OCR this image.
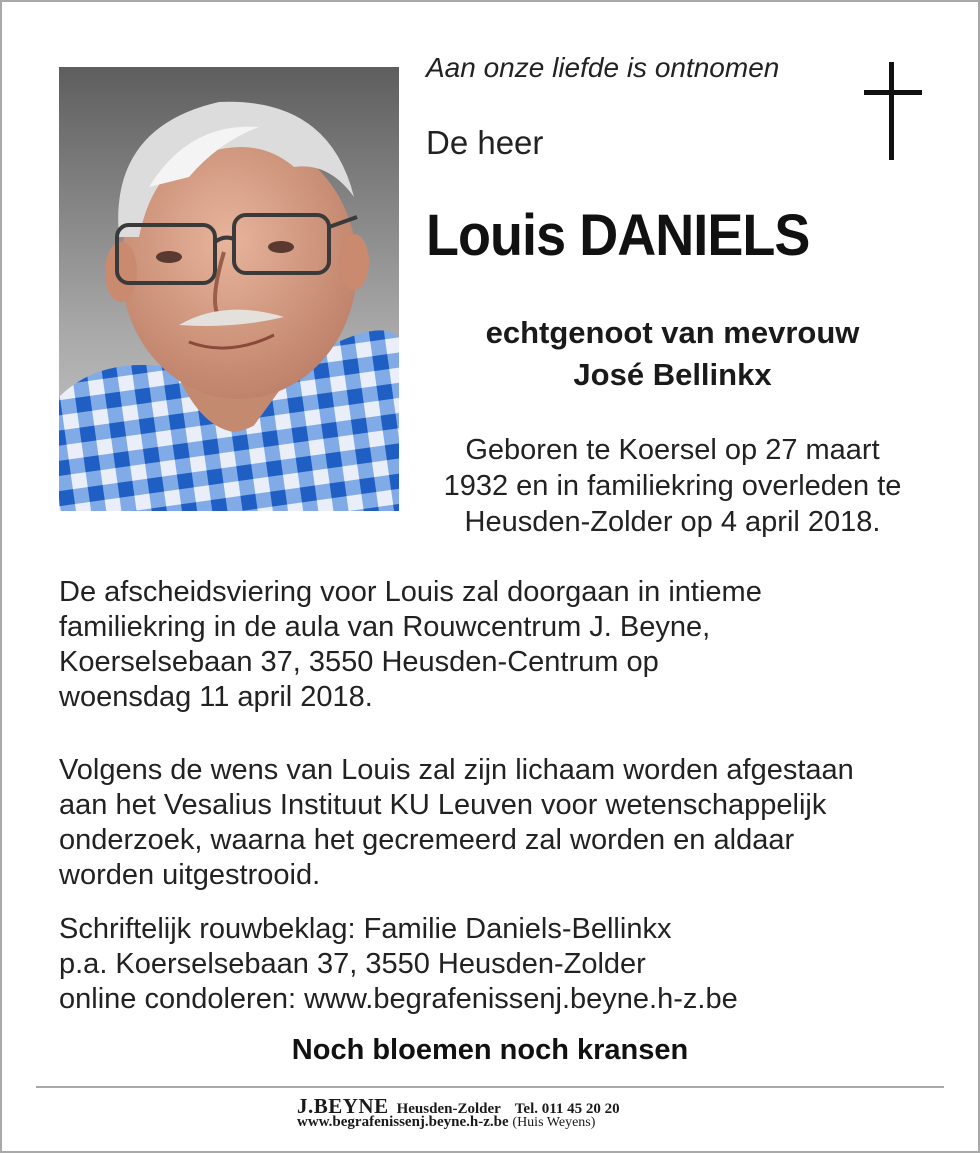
Aan onze liefde is ontnomen
De heer
Louis DANIELS
echtgenoot van mevrouw
José Bellinkx
Geboren te Koersel op 27 maart
1932 en in familiekring overleden te
Heusden-Zolder op 4 april 2018.
De afscheidsviering voor Louis zal doorgaan in intieme
familiekring in de aula van Rouwcentrum J. Beyne,
Koerselsebaan 37, 3550 Heusden-Centrum op
woensdag 11 april 2018.
Volgens de wens van Louis zal zijn lichaam worden afgestaan
aan het Vesalius Instituut KU Leuven voor wetenschappelijk
onderzoek, waarna het gecremeerd zal worden en aldaar
worden uitgestrooid.
Schriftelijk rouwbeklag: Familie Daniels-Bellinkx
p.a. Koerselsebaan 37, 3550 Heusden-Zolder
online condoleren: www.begrafenissenj.beyne.h-z.be
Noch bloemen noch kransen
J.BEYNE Heusden-Zolder Tel. 011 45 20 20
www.begrafenissenj.beyne.h-z.be (Huis Weyens)
